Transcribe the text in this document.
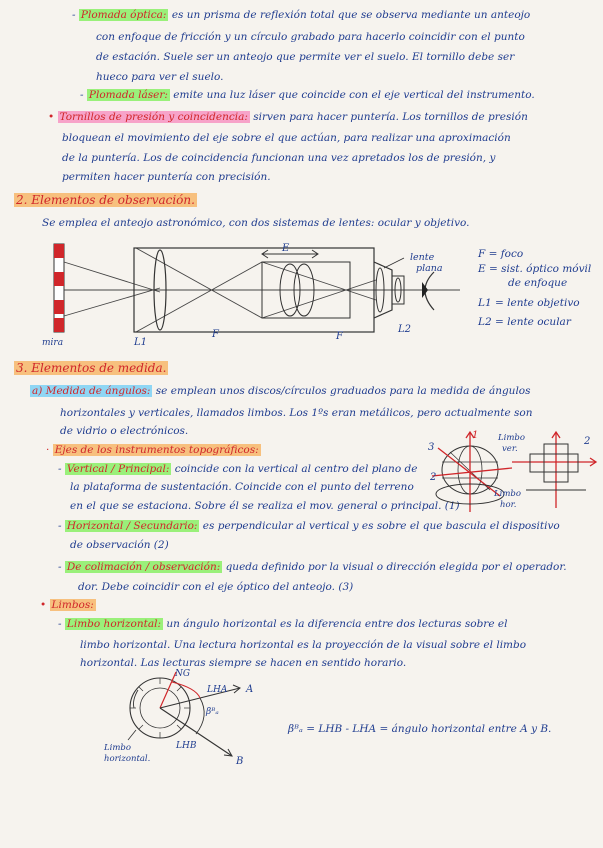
- Plomada óptica: es un prisma de reflexión total que se observa mediante un anteojo
con enfoque de fricción y un círculo grabado para hacerlo coincidir con el punto
de estación. Suele ser un anteojo que permite ver el suelo. El tornillo debe ser
hueco para ver el suelo.
- Plomada láser: emite una luz láser que coincide con el eje vertical del instrumento.
• Tornillos de presión y coincidencia: sirven para hacer puntería. Los tornillos de presión
bloquean el movimiento del eje sobre el que actúan, para realizar una aproximación
de la puntería. Los de coincidencia funcionan una vez apretados los de presión, y
permiten hacer puntería con precisión.
2. Elementos de observación.
Se emplea el anteojo astronómico, con dos sistemas de lentes: ocular y objetivo.
mira
E
lente
plana
F	F
L1
L2
F = foco
E = sist. óptico móvil
de enfoque
L1 = lente objetivo
L2 = lente ocular
3. Elementos de medida.
a) Medida de ángulos: se emplean unos discos/círculos graduados para la medida de ángulos
horizontales y verticales, llamados limbos. Los 1ºs eran metálicos, pero actualmente son
de vidrio o electrónicos.
· Ejes de los instrumentos topográficos:
- Vertical / Principal: coincide con la vertical al centro del plano de
la plataforma de sustentación. Coincide con el punto del terreno
en el que se estaciona. Sobre él se realiza el mov. general o principal. (1)
- Horizontal / Secundario: es perpendicular al vertical y es sobre el que bascula el dispositivo
de observación (2)
- De colimación / observación: queda definido por la visual o dirección elegida por el operador.
dor. Debe coincidir con el eje óptico del anteojo. (3)
• Limbos:
- Limbo horizontal: un ángulo horizontal es la diferencia entre dos lecturas sobre el
limbo horizontal. Una lectura horizontal es la proyección de la visual sobre el limbo
horizontal. Las lecturas siempre se hacen en sentido horario.
1
3
2
Limbo
ver.
Limbo
hor.
2
NG
LHA
LHB
A
B
βᴮₐ
Limbo
horizontal.
βᴮₐ = LHB - LHA = ángulo horizontal entre A y B.
